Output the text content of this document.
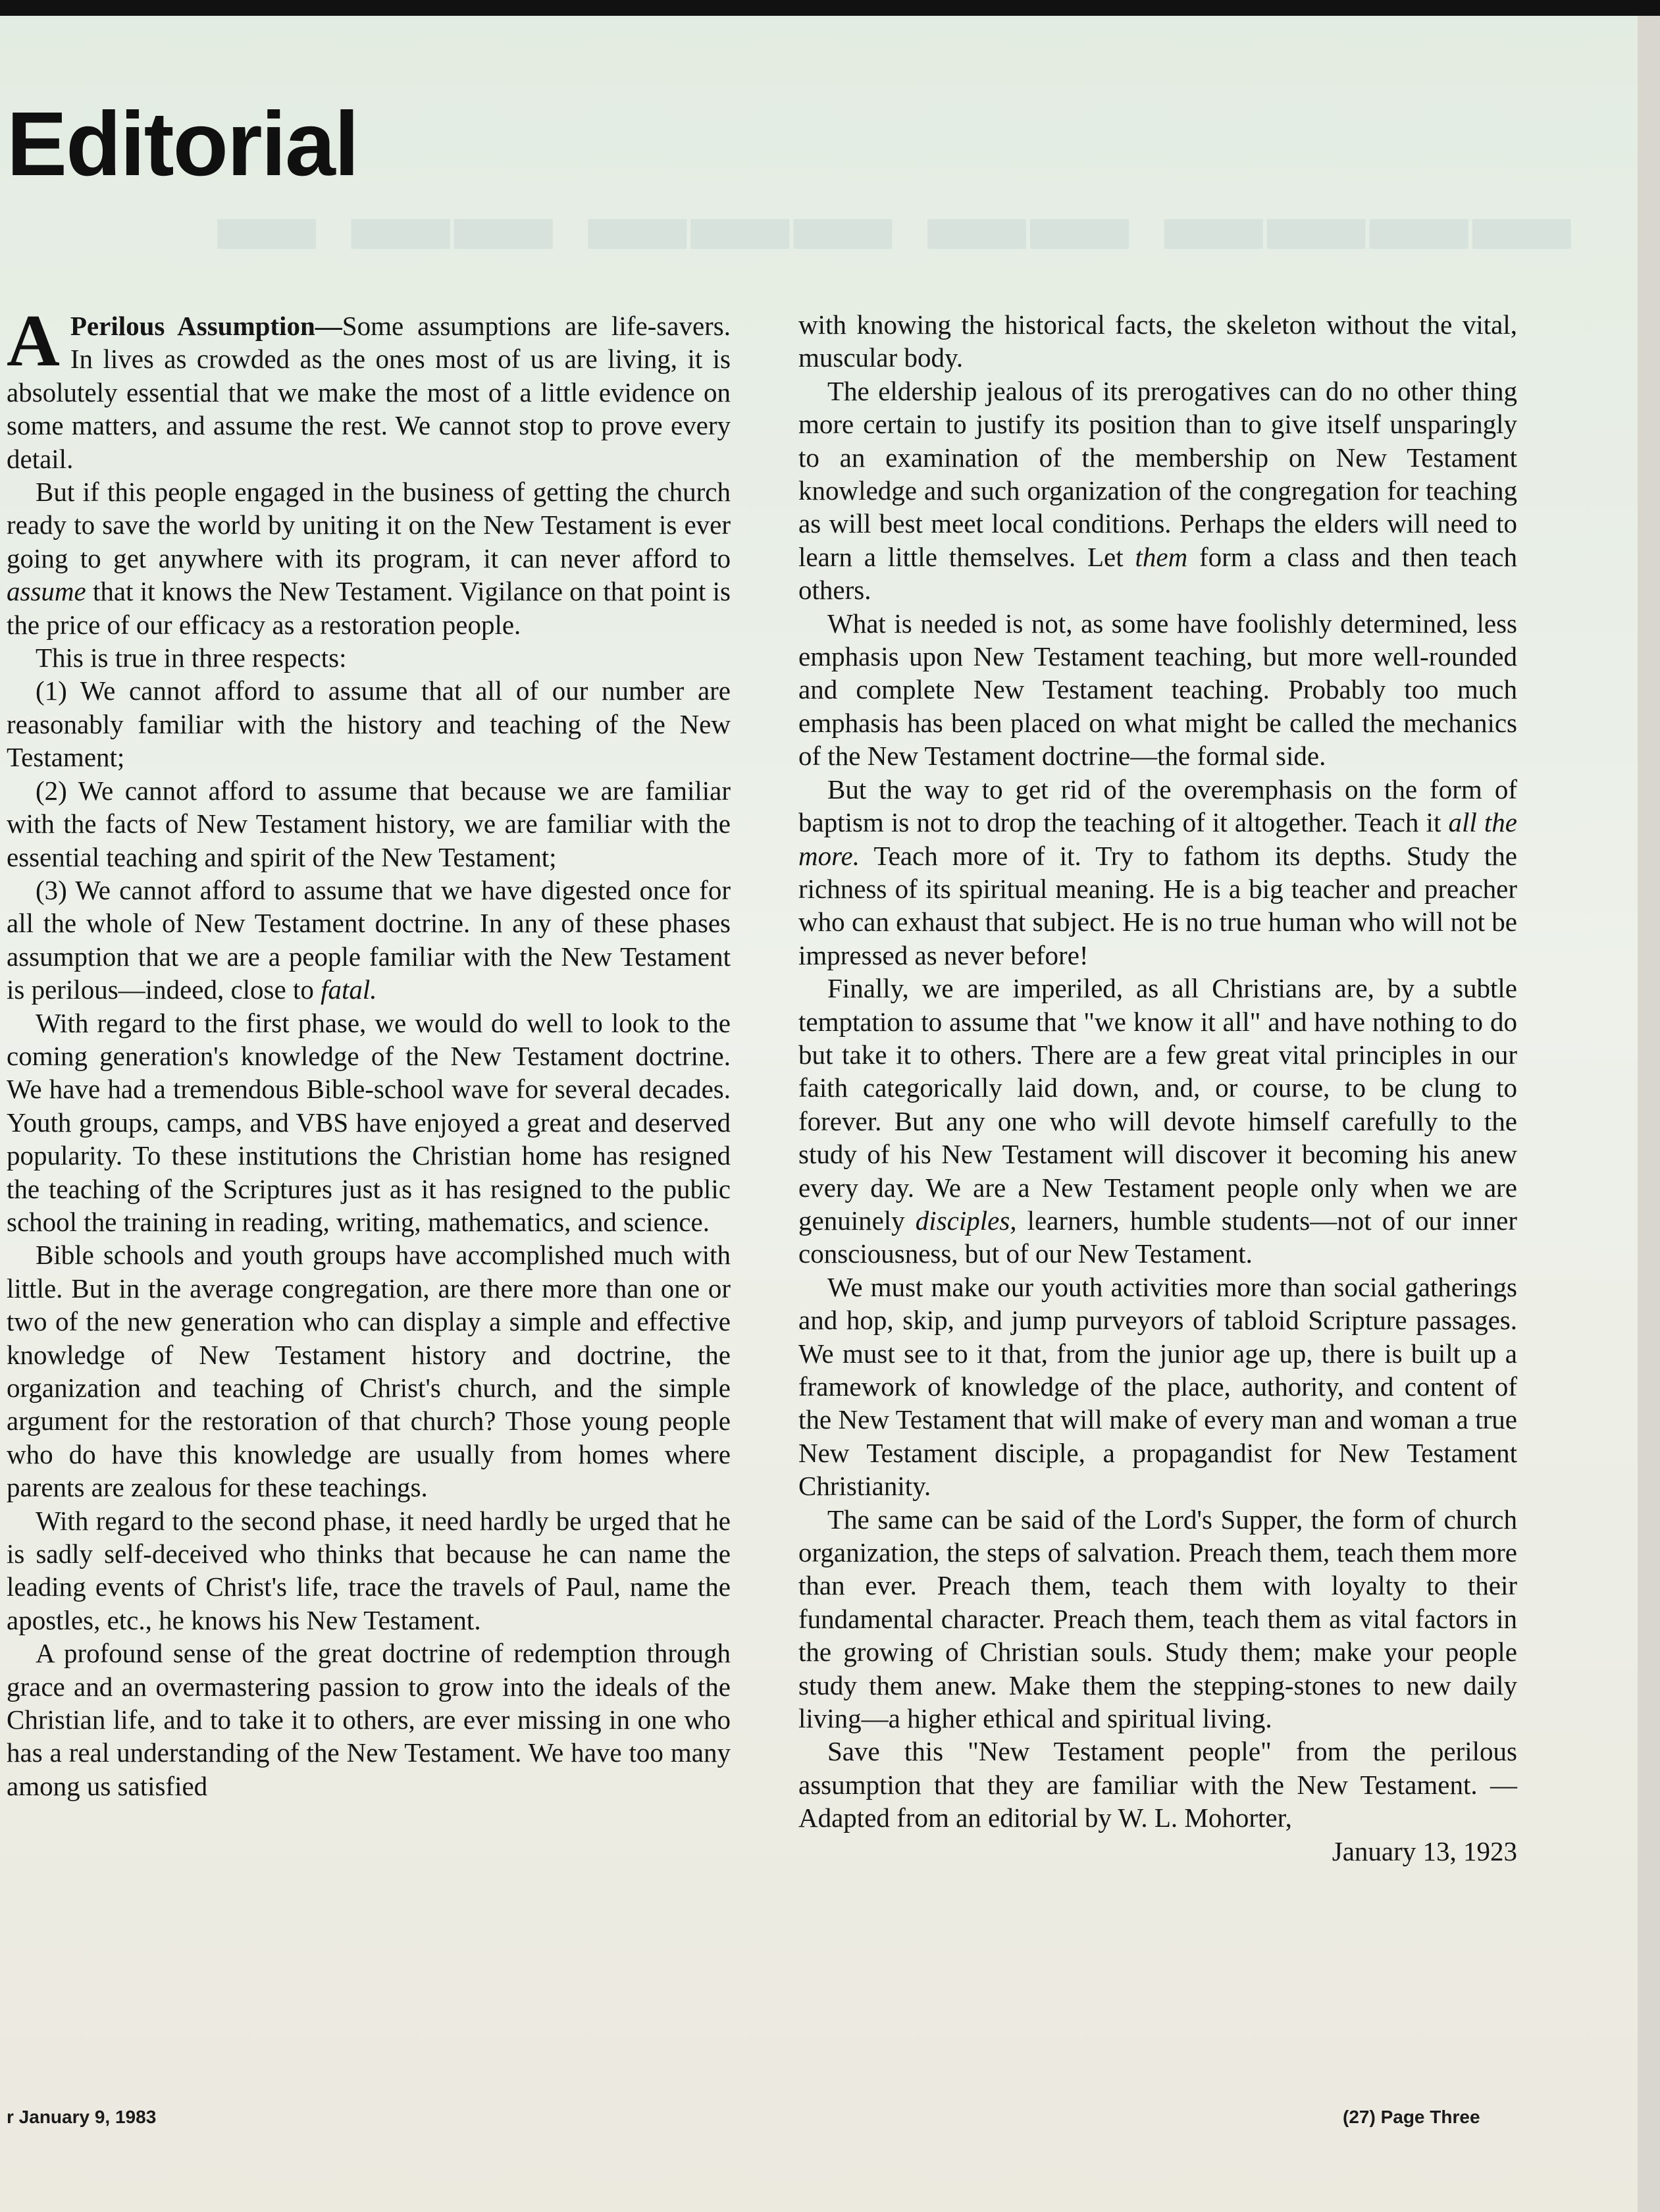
▬ ▬▬ ▬▬▬ ▬▬ ▬▬▬▬
Editorial

A Perilous Assumption—Some assumptions are life-savers. In lives as crowded as the ones most of us are living, it is absolutely essential that we make the most of a little evidence on some matters, and assume the rest. We cannot stop to prove every detail.

But if this people engaged in the business of getting the church ready to save the world by uniting it on the New Testament is ever going to get anywhere with its program, it can never afford to assume that it knows the New Testament. Vigilance on that point is the price of our efficacy as a restoration people.

This is true in three respects:

(1) We cannot afford to assume that all of our number are reasonably familiar with the history and teaching of the New Testament;

(2) We cannot afford to assume that because we are familiar with the facts of New Testament history, we are familiar with the essential teaching and spirit of the New Testament;

(3) We cannot afford to assume that we have digested once for all the whole of New Testament doctrine. In any of these phases assumption that we are a people familiar with the New Testament is perilous—indeed, close to fatal.

With regard to the first phase, we would do well to look to the coming generation's knowledge of the New Testament doctrine. We have had a tremendous Bible-school wave for several decades. Youth groups, camps, and VBS have enjoyed a great and deserved popularity. To these institutions the Christian home has resigned the teaching of the Scriptures just as it has resigned to the public school the training in reading, writing, mathematics, and science.

Bible schools and youth groups have accomplished much with little. But in the average congregation, are there more than one or two of the new generation who can display a simple and effective knowledge of New Testament history and doctrine, the organization and teaching of Christ's church, and the simple argument for the restoration of that church? Those young people who do have this knowledge are usually from homes where parents are zealous for these teachings.

With regard to the second phase, it need hardly be urged that he is sadly self-deceived who thinks that because he can name the leading events of Christ's life, trace the travels of Paul, name the apostles, etc., he knows his New Testament.

A profound sense of the great doctrine of redemption through grace and an overmastering passion to grow into the ideals of the Christian life, and to take it to others, are ever missing in one who has a real understanding of the New Testament. We have too many among us satisfied

with knowing the historical facts, the skeleton without the vital, muscular body.

The eldership jealous of its prerogatives can do no other thing more certain to justify its position than to give itself unsparingly to an examination of the membership on New Testament knowledge and such organization of the congregation for teaching as will best meet local conditions. Perhaps the elders will need to learn a little themselves. Let them form a class and then teach others.

What is needed is not, as some have foolishly determined, less emphasis upon New Testament teaching, but more well-rounded and complete New Testament teaching. Probably too much emphasis has been placed on what might be called the mechanics of the New Testament doctrine—the formal side.

But the way to get rid of the overemphasis on the form of baptism is not to drop the teaching of it altogether. Teach it all the more. Teach more of it. Try to fathom its depths. Study the richness of its spiritual meaning. He is a big teacher and preacher who can exhaust that subject. He is no true human who will not be impressed as never before!

Finally, we are imperiled, as all Christians are, by a subtle temptation to assume that "we know it all" and have nothing to do but take it to others. There are a few great vital principles in our faith categorically laid down, and, or course, to be clung to forever. But any one who will devote himself carefully to the study of his New Testament will discover it becoming his anew every day. We are a New Testament people only when we are genuinely disciples, learners, humble students—not of our inner consciousness, but of our New Testament.

We must make our youth activities more than social gatherings and hop, skip, and jump purveyors of tabloid Scripture passages. We must see to it that, from the junior age up, there is built up a framework of knowledge of the place, authority, and content of the New Testament that will make of every man and woman a true New Testament disciple, a propagandist for New Testament Christianity.

The same can be said of the Lord's Supper, the form of church organization, the steps of salvation. Preach them, teach them more than ever. Preach them, teach them with loyalty to their fundamental character. Preach them, teach them as vital factors in the growing of Christian souls. Study them; make your people study them anew. Make them the stepping-stones to new daily living—a higher ethical and spiritual living.

Save this "New Testament people" from the perilous assumption that they are familiar with the New Testament. —Adapted from an editorial by W. L. Mohorter,

January 13, 1923

r January 9, 1983	(27) Page Three
